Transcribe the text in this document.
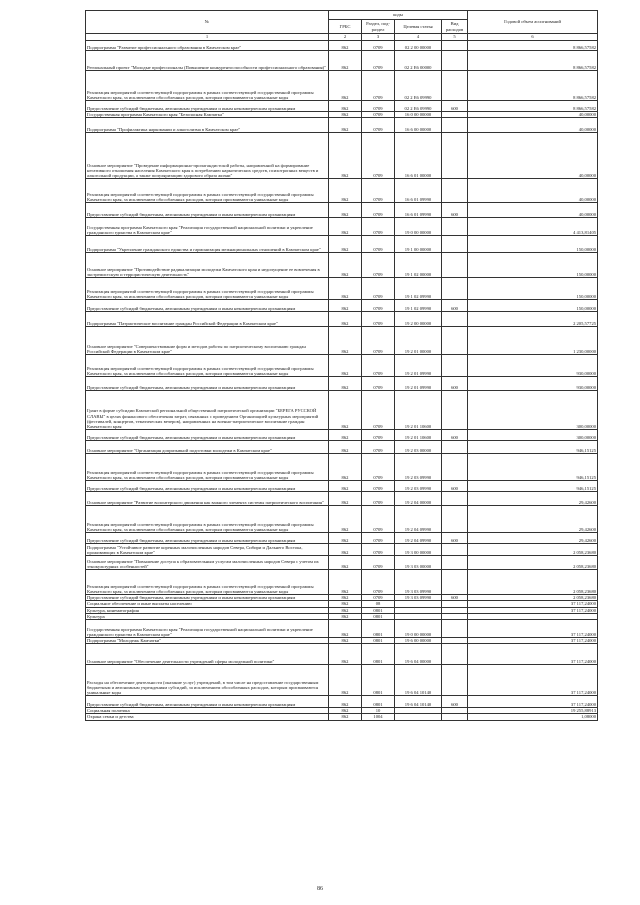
№	коды				Годовой объем ассигнований	
	ГРБС	Раздел, под-раздел	Целевая статья	Вид расходов		
1	2	3	4	5	6	
Подпрограмма "Развитие профессионального образования в Камчатском крае"	862	0709	02 2 00 00000		8 866,57582	
Региональный проект "Молодые профессионалы (Повышение конкурентоспособности профессионального образования)"	862	0709	02 2 E6 00000		8 866,57582	
Реализация мероприятий соответствующей подпрограммы в рамках соответствующей государственной программы Камчатского края, за исключением обособленных расходов, которым присваиваются уникальные коды	862	0709	02 2 E6 09990		8 866,57582	
Предоставление субсидий бюджетным, автономным учреждениям и иным некоммерческим организациям	862	0709	02 2 E6 09990	600	8 866,57582	
Государственная программа Камчатского края "Безопасная Камчатка"	862	0709	16 0 00 00000		40,00000	
Подпрограмма "Профилактика наркомании и алкоголизма в Камчатском крае"	862	0709	16 6 00 00000		40,00000	
Основное мероприятие "Проведение информационно-пропагандистской работы, направленной на формирование негативного отношения населения Камчатского края к потреблению наркотических средств, психотропных веществ и алкогольной продукции, а также популяризацию здорового образа жизни"	862	0709	16 6 01 00000		40,00000	
Реализация мероприятий соответствующей подпрограммы в рамках соответствующей государственной программы Камчатского края, за исключением обособленных расходов, которым присваиваются уникальные коды	862	0709	16 6 01 09990		40,00000	
Предоставление субсидий бюджетным, автономным учреждениям и иным некоммерческим организациям	862	0709	16 6 01 09990	600	40,00000	
Государственная программа Камчатского края "Реализация государственной национальной политики и укрепление гражданского единства в Камчатском крае"	862	0709	19 0 00 00000		4 413,81405	
Подпрограмма "Укрепление гражданского единства и гармонизация межнациональных отношений в Камчатском крае"	862	0709	19 1 00 00000		150,00000	
Основное мероприятие "Противодействие радикализации молодежи Камчатского края и недопущение ее вовлечения в экстремистскую и террористическую деятельность"	862	0709	19 1 02 00000		150,00000	
Реализация мероприятий соответствующей подпрограммы в рамках соответствующей государственной программы Камчатского края, за исключением обособленных расходов, которым присваиваются уникальные коды	862	0709	19 1 02 09990		150,00000	
Предоставление субсидий бюджетным, автономным учреждениям и иным некоммерческим организациям	862	0709	19 1 02 09990	600	150,00000	
Подпрограмма "Патриотическое воспитание граждан Российской Федерации в Камчатском крае"	862	0709	19 2 00 00000		2 205,57725	
Основное мероприятие "Совершенствование форм и методов работы по патриотическому воспитанию граждан Российской Федерации в Камчатском крае"	862	0709	19 2 01 00000		1 230,00000	
Реализация мероприятий соответствующей подпрограммы в рамках соответствующей государственной программы Камчатского края, за исключением обособленных расходов, которым присваиваются уникальные коды	862	0709	19 2 01 09990		930,00000	
Предоставление субсидий бюджетным, автономным учреждениям и иным некоммерческим организациям	862	0709	19 2 01 09990	600	930,00000	
Грант в форме субсидии Камчатской региональной общественной патриотической организации "БЕРЕГА РУССКОЙ СЛАВЫ" в целях финансового обеспечения затрат, связанных с проведением Организацией культурных мероприятий (фестивалей, концертов, тематических вечеров), направленных на военно-патриотическое воспитание граждан Камчатского края	862	0709	19 2 01 10600		300,00000	
Предоставление субсидий бюджетным, автономным учреждениям и иным некоммерческим организациям	862	0709	19 2 01 10600	600	300,00000	
Основное мероприятие "Организация допризывной подготовки молодежи в Камчатском крае"	862	0709	19 2 03 00000		946,15125	
Реализация мероприятий соответствующей подпрограммы в рамках соответствующей государственной программы Камчатского края, за исключением обособленных расходов, которым присваиваются уникальные коды	862	0709	19 2 03 09990		946,15125	
Предоставление субсидий бюджетным, автономным учреждениям и иным некоммерческим организациям	862	0709	19 2 03 09990	600	946,15125	
Основное мероприятие "Развитие волонтерского движения как важного элемента системы патриотического воспитания"	862	0709	19 2 04 00000		29,42600	
Реализация мероприятий соответствующей подпрограммы в рамках соответствующей государственной программы Камчатского края, за исключением обособленных расходов, которым присваиваются уникальные коды	862	0709	19 2 04 09990		29,42600	
Предоставление субсидий бюджетным, автономным учреждениям и иным некоммерческим организациям	862	0709	19 2 04 09990	600	29,42600	
Подпрограмма "Устойчивое развитие коренных малочисленных народов Севера, Сибири и Дальнего Востока, проживающих в Камчатском крае"	862	0709	19 3 00 00000		2 058,23680	
Основное мероприятие "Повышение доступа к образовательным услугам малочисленных народов Севера с учетом их этнокультурных особенностей"	862	0709	19 3 03 00000		2 058,23680	
Реализация мероприятий соответствующей подпрограммы в рамках соответствующей государственной программы Камчатского края, за исключением обособленных расходов, которым присваиваются уникальные коды	862	0709	19 3 03 09990		2 058,23680	
Предоставление субсидий бюджетным, автономным учреждениям и иным некоммерческим организациям	862	0709	19 3 03 09990	600	2 058,23680	
Социальное обеспечение и иные выплаты населению	862	08			37 117,24000	
Культура, кинематография	862	0801			37 117,24000	
Культура	862	0801				
Государственная программа Камчатского края "Реализация государственной национальной политики и укрепление гражданского единства в Камчатском крае"	862	0801	19 0 00 00000		37 117,24000	
Подпрограмма "Молодежь Камчатки"	862	0801	19 6 00 00000		37 117,24000	
Основное мероприятие "Обеспечение деятельности учреждений сферы молодежной политики"	862	0801	19 6 04 00000		37 117,24000	
Расходы на обеспечение деятельности (оказание услуг) учреждений, в том числе на предоставление государственным бюджетным и автономным учреждениям субсидий, за исключением обособленных расходов, которым присваиваются уникальные коды	862	0801	19 6 04 10140		37 117,24000	
Предоставление субсидий бюджетным, автономным учреждениям и иным некоммерческим организациям	862	0801	19 6 04 10140	600	37 117,24000	
Социальная политика	862	10			19 255,88913	
Охрана семьи и детства	862	1004			1,08000	
86
